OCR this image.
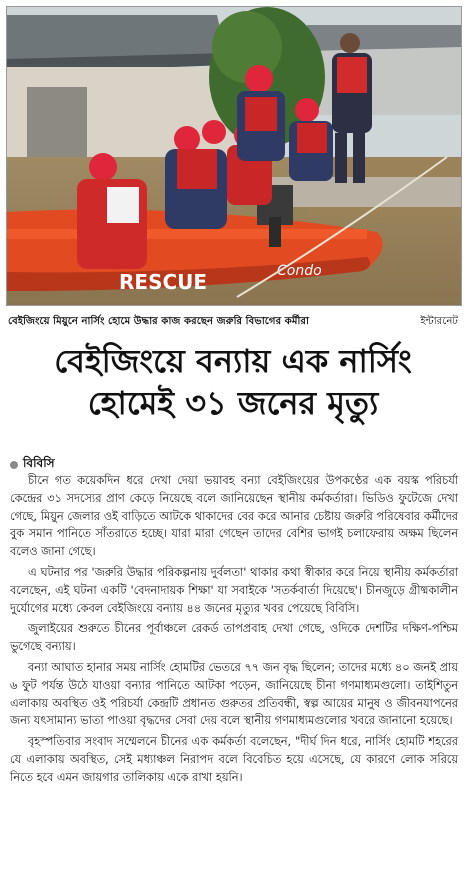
RESCUE	Condo
বেইজিংয়ে মিয়ুনে নার্সিং হোমে উদ্ধার কাজ করছেন জরুরি বিভাগের কর্মীরা	ইন্টারনেট
বেইজিংয়ে বন্যায় এক নার্সিং
হোমেই ৩১ জনের মৃত্যু
বিবিসি

চীনে গত কয়েকদিন ধরে দেখা দেয়া ভয়াবহ বন্যা বেইজিংয়ের উপকণ্ঠের এক বয়স্ক পরিচর্যা কেন্দ্রের ৩১ সদস্যের প্রাণ কেড়ে নিয়েছে বলে জানিয়েছেন স্থানীয় কর্মকর্তারা। ভিডিও ফুটেজে দেখা গেছে, মিয়ুন জেলার ওই বাড়িতে আটকে থাকাদের বের করে আনার চেষ্টায় জরুরি পরিষেবার কর্মীদের বুক সমান পানিতে সাঁতরাতে হচ্ছে। যারা মারা গেছেন তাদের বেশির ভাগই চলাফেরায় অক্ষম ছিলেন বলেও জানা গেছে।

এ ঘটনার পর 'জরুরি উদ্ধার পরিকল্পনায় দুর্বলতা' থাকার কথা স্বীকার করে নিয়ে স্থানীয় কর্মকর্তারা বলেছেন, এই ঘটনা একটি 'বেদনাদায়ক শিক্ষা' যা সবাইকে 'সতর্কবার্তা দিয়েছে'। চীনজুড়ে গ্রীষ্মকালীন দুর্যোগের মধ্যে কেবল বেইজিংয়ে বন্যায় ৪৪ জনের মৃত্যুর খবর পেয়েছে বিবিসি।

জুলাইয়ের শুরুতে চীনের পূর্বাঞ্চলে রেকর্ড তাপপ্রবাহ দেখা গেছে, ওদিকে দেশটির দক্ষিণ-পশ্চিম ভুগেছে বন্যায়।

বন্যা আঘাত হানার সময় নার্সিং হোমটির ভেতরে ৭৭ জন বৃদ্ধ ছিলেন; তাদের মধ্যে ৪০ জনই প্রায় ৬ ফুট পর্যন্ত উঠে যাওয়া বন্যার পানিতে আটকা পড়েন, জানিয়েছে চীনা গণমাধ্যমগুলো। তাইশিতুন এলাকায় অবস্থিত ওই পরিচর্যা কেন্দ্রটি প্রধানত গুরুতর প্রতিবন্ধী, স্বল্প আয়ের মানুষ ও জীবনযাপনের জন্য যৎসামান্য ভাতা পাওয়া বৃদ্ধদের সেবা দেয় বলে স্থানীয় গণমাধ্যমগুলোর খবরে জানানো হয়েছে।

বৃহস্পতিবার সংবাদ সম্মেলনে চীনের এক কর্মকর্তা বলেছেন, "দীর্ঘ দিন ধরে, নার্সিং হোমটি শহরের যে এলাকায় অবস্থিত, সেই মধ্যাঞ্চল নিরাপদ বলে বিবেচিত হয়ে এসেছে, যে কারণে লোক সরিয়ে নিতে হবে এমন জায়গার তালিকায় একে রাখা হয়নি।
